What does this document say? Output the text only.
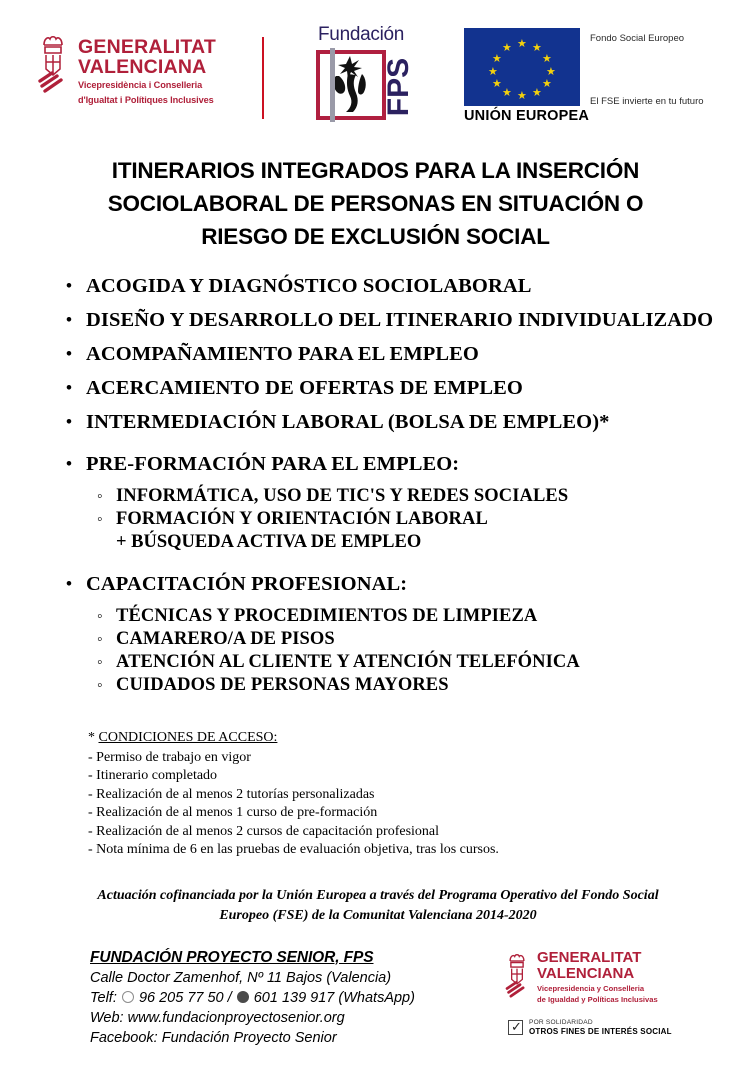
GENERALITAT
VALENCIANA
Vicepresidència i Conselleria
d'Igualtat i Polítiques Inclusives
Fundación
FPS
★ ★
★
★
★
★
★
★
★
★
★ ★
UNIÓN EUROPEA
Fondo Social Europeo
El FSE invierte en tu futuro
ITINERARIOS INTEGRADOS PARA LA INSERCIÓN
SOCIOLABORAL DE PERSONAS EN SITUACIÓN O
RIESGO DE EXCLUSIÓN SOCIAL
• ACOGIDA Y DIAGNÓSTICO SOCIOLABORAL
• DISEÑO Y DESARROLLO DEL ITINERARIO INDIVIDUALIZADO
• ACOMPAÑAMIENTO PARA EL EMPLEO
• ACERCAMIENTO DE OFERTAS DE EMPLEO
• INTERMEDIACIÓN LABORAL (BOLSA DE EMPLEO)*
• PRE-FORMACIÓN PARA EL EMPLEO:
◦ INFORMÁTICA, USO DE TIC'S Y REDES SOCIALES
◦ FORMACIÓN Y ORIENTACIÓN LABORAL
+ BÚSQUEDA ACTIVA DE EMPLEO
• CAPACITACIÓN PROFESIONAL:
◦ TÉCNICAS Y PROCEDIMIENTOS DE LIMPIEZA
◦ CAMARERO/A DE PISOS
◦ ATENCIÓN AL CLIENTE Y ATENCIÓN TELEFÓNICA
◦ CUIDADOS DE PERSONAS MAYORES
* CONDICIONES DE ACCESO:
- Permiso de trabajo en vigor
- Itinerario completado
- Realización de al menos 2 tutorías personalizadas
- Realización de al menos 1 curso de pre-formación
- Realización de al menos 2 cursos de capacitación profesional
- Nota mínima de 6 en las pruebas de evaluación objetiva, tras los cursos.
Actuación cofinanciada por la Unión Europea a través del Programa Operativo del Fondo Social
Europeo (FSE) de la Comunitat Valenciana 2014-2020
FUNDACIÓN PROYECTO SENIOR, FPS
Calle Doctor Zamenhof, Nº 11 Bajos (Valencia)
Telf: 96 205 77 50 / 601 139 917 (WhatsApp)
Web: www.fundacionproyectosenior.org
Facebook: Fundación Proyecto Senior
GENERALITAT
VALENCIANA
Vicepresidencia y Conselleria
de Igualdad y Políticas Inclusivas
✓ POR SOLIDARIDAD
OTROS FINES DE INTERÉS SOCIAL
